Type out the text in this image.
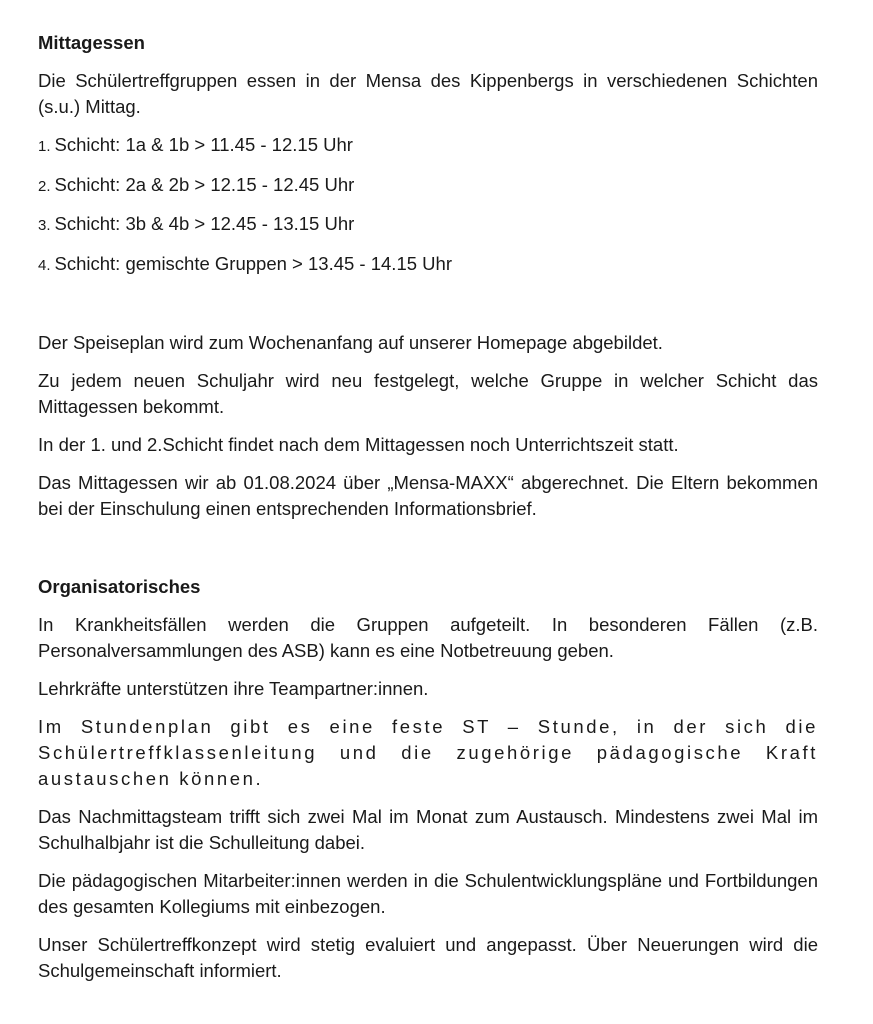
Mittagessen
Die Schülertreffgruppen essen in der Mensa des Kippenbergs in verschiedenen Schichten (s.u.) Mittag.
1. Schicht: 1a & 1b > 11.45 - 12.15 Uhr
2. Schicht: 2a & 2b > 12.15 - 12.45 Uhr
3. Schicht: 3b & 4b > 12.45 - 13.15 Uhr
4. Schicht: gemischte Gruppen > 13.45 - 14.15 Uhr
Der Speiseplan wird zum Wochenanfang auf unserer Homepage abgebildet.
Zu jedem neuen Schuljahr wird neu festgelegt, welche Gruppe in welcher Schicht das Mittagessen bekommt.
In der 1. und 2.Schicht findet nach dem Mittagessen noch Unterrichtszeit statt.
Das Mittagessen wir ab 01.08.2024 über „Mensa-MAXX“ abgerechnet. Die Eltern bekommen bei der Einschulung einen entsprechenden Informationsbrief.
Organisatorisches
In Krankheitsfällen werden die Gruppen aufgeteilt. In besonderen Fällen (z.B. Personalversammlungen des ASB) kann es eine Notbetreuung geben.
Lehrkräfte unterstützen ihre Teampartner:innen.
Im Stundenplan gibt es eine feste ST – Stunde, in der sich die Schülertreffklassenleitung und die zugehörige pädagogische Kraft austauschen können.
Das Nachmittagsteam trifft sich zwei Mal im Monat zum Austausch. Mindestens zwei Mal im Schulhalbjahr ist die Schulleitung dabei.
Die pädagogischen Mitarbeiter:innen werden in die Schulentwicklungspläne und Fortbildungen des gesamten Kollegiums mit einbezogen.
Unser Schülertreffkonzept wird stetig evaluiert und angepasst. Über Neuerungen wird die Schulgemeinschaft informiert.
